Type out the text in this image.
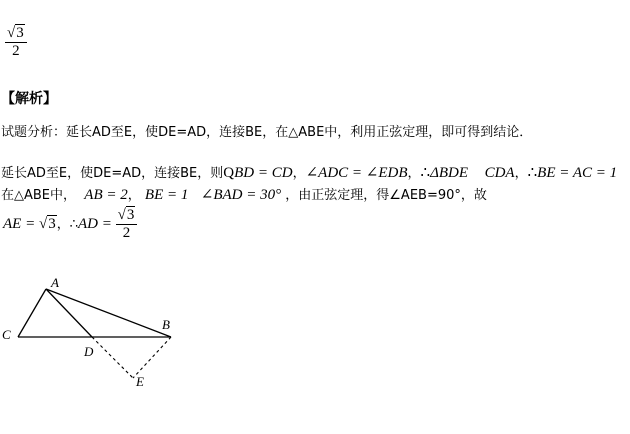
$\frac{√3}{2}$
【解析】
试题分析：延长AD至E，使DE=AD，连接BE，在△ABE中，利用正弦定理，即可得到结论．
延长AD至E，使DE=AD，连接BE，则QBD = CD，∠ADC = ∠EDB，∴ΔBDE CDA，∴BE = AC = 1
在△ABE中， AB = 2， BE = 1 ∠BAD = 30° ，由正弦定理，得∠AEB=90°，故
AE = √3，∴AD = $\frac{√3}{2}$
A
B
C
D
E
